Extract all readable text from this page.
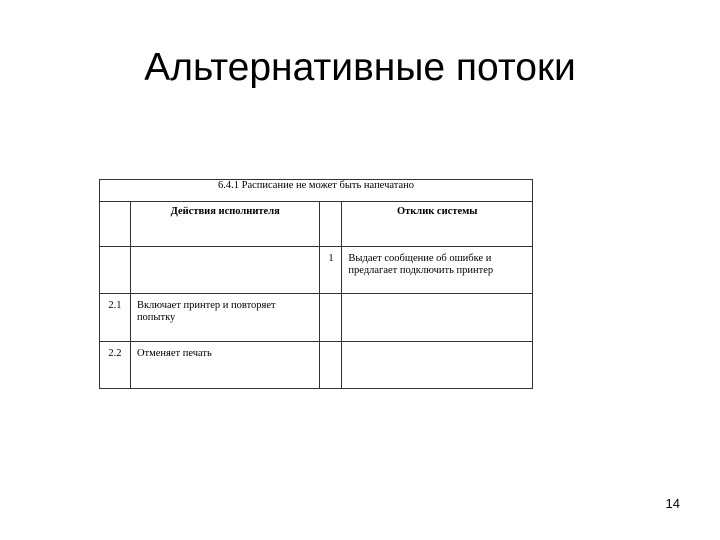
Альтернативные потоки
6.4.1 Расписание не может быть напечатано			
	Действия исполнителя		Отклик системы
		1	Выдает сообщение об ошибке и предлагает подключить принтер
2.1	Включает принтер и повторяет попытку		
2.2	Отменяет печать		
14
